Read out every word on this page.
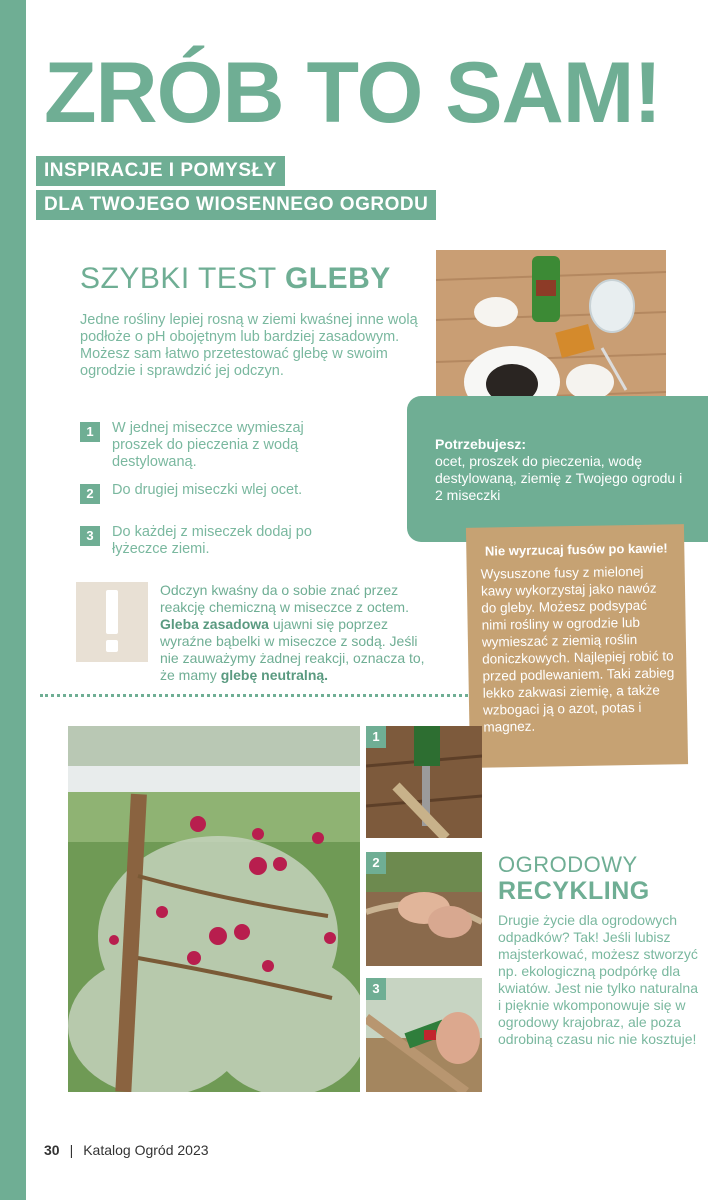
ZRÓB TO SAM!
INSPIRACJE I POMYSŁY
DLA TWOJEGO WIOSENNEGO OGRODU
SZYBKI TEST GLEBY
Jedne rośliny lepiej rosną w ziemi kwaśnej inne wolą podłoże o pH obojętnym lub bardziej zasadowym. Możesz sam łatwo przetestować glebę w swoim ogrodzie i sprawdzić jej odczyn.
1	W jednej miseczce wymieszaj proszek do pieczenia z wodą destylowaną.
2	Do drugiej miseczki wlej ocet.
3	Do każdej z miseczek dodaj po łyżeczce ziemi.
Odczyn kwaśny da o sobie znać przez reakcję chemiczną w miseczce z octem. Gleba zasadowa ujawni się poprzez wyraźne bąbelki w miseczce z sodą. Jeśli nie zauważymy żadnej reakcji, oznacza to, że mamy glebę neutralną.
Potrzebujesz:
ocet, proszek do pieczenia, wodę destylowaną, ziemię z Twojego ogrodu i 2 miseczki
Nie wyrzucaj fusów po kawie!
Wysuszone fusy z mielonej kawy wykorzystaj jako nawóz do gleby. Możesz podsypać nimi rośliny w ogrodzie lub wymieszać z ziemią roślin doniczkowych. Najlepiej robić to przed podlewaniem. Taki zabieg lekko zakwasi ziemię, a także wzbogaci ją o azot, potas i magnez.
1
2
3
OGRODOWY
RECYKLING
Drugie życie dla ogrodowych odpadków? Tak! Jeśli lubisz majsterkować, możesz stworzyć np. ekologiczną podpórkę dla kwiatów. Jest nie tylko naturalna i pięknie wkomponowuje się w ogrodowy krajobraz, ale poza odrobiną czasu nic nie kosztuje!
30 | Katalog Ogród 2023
